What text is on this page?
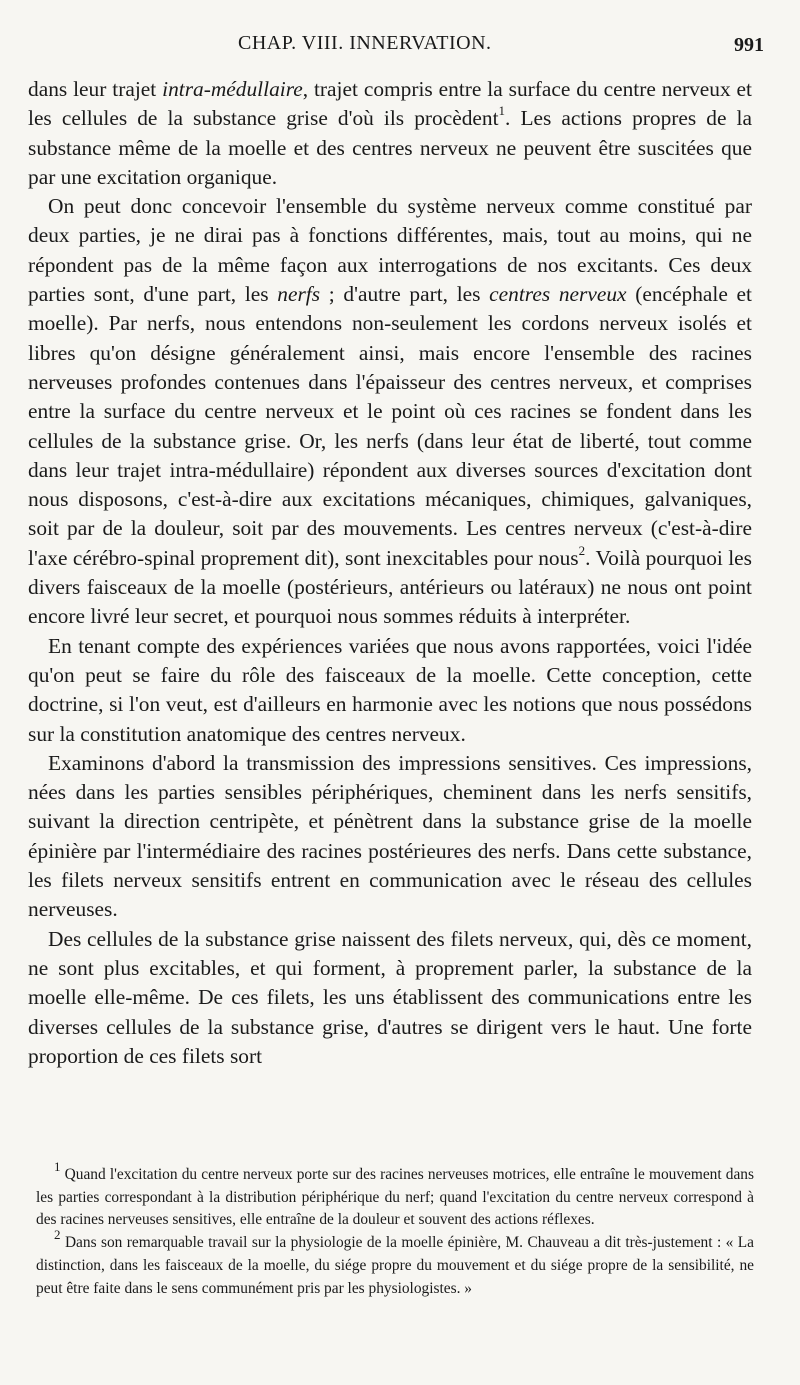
CHAP. VIII. INNERVATION.	991

dans leur trajet intra-médullaire, trajet compris entre la surface du centre nerveux et les cellules de la substance grise d'où ils procèdent$^1$. Les actions propres de la substance même de la moelle et des centres nerveux ne peuvent être suscitées que par une excitation organique.

On peut donc concevoir l'ensemble du système nerveux comme constitué par deux parties, je ne dirai pas à fonctions différentes, mais, tout au moins, qui ne répondent pas de la même façon aux interrogations de nos excitants. Ces deux parties sont, d'une part, les nerfs ; d'autre part, les centres nerveux (encéphale et moelle). Par nerfs, nous entendons non-seulement les cordons nerveux isolés et libres qu'on désigne généralement ainsi, mais encore l'ensemble des racines nerveuses profondes contenues dans l'épaisseur des centres nerveux, et comprises entre la surface du centre nerveux et le point où ces racines se fondent dans les cellules de la substance grise. Or, les nerfs (dans leur état de liberté, tout comme dans leur trajet intra-médullaire) répondent aux diverses sources d'excitation dont nous disposons, c'est-à-dire aux excitations mécaniques, chimiques, galvaniques, soit par de la douleur, soit par des mouvements. Les centres nerveux (c'est-à-dire l'axe cérébro-spinal proprement dit), sont inexcitables pour nous$^2$. Voilà pourquoi les divers faisceaux de la moelle (postérieurs, antérieurs ou latéraux) ne nous ont point encore livré leur secret, et pourquoi nous sommes réduits à interpréter.

En tenant compte des expériences variées que nous avons rapportées, voici l'idée qu'on peut se faire du rôle des faisceaux de la moelle. Cette conception, cette doctrine, si l'on veut, est d'ailleurs en harmonie avec les notions que nous possédons sur la constitution anatomique des centres nerveux.

Examinons d'abord la transmission des impressions sensitives. Ces impressions, nées dans les parties sensibles périphériques, cheminent dans les nerfs sensitifs, suivant la direction centripète, et pénètrent dans la substance grise de la moelle épinière par l'intermédiaire des racines postérieures des nerfs. Dans cette substance, les filets nerveux sensitifs entrent en communication avec le réseau des cellules nerveuses.

Des cellules de la substance grise naissent des filets nerveux, qui, dès ce moment, ne sont plus excitables, et qui forment, à proprement parler, la substance de la moelle elle-même. De ces filets, les uns établissent des communications entre les diverses cellules de la substance grise, d'autres se dirigent vers le haut. Une forte proportion de ces filets sort

$^1$ Quand l'excitation du centre nerveux porte sur des racines nerveuses motrices, elle entraîne le mouvement dans les parties correspondant à la distribution périphérique du nerf; quand l'excitation du centre nerveux correspond à des racines nerveuses sensitives, elle entraîne de la douleur et souvent des actions réflexes.

$^2$ Dans son remarquable travail sur la physiologie de la moelle épinière, M. Chauveau a dit très-justement : « La distinction, dans les faisceaux de la moelle, du siége propre du mouvement et du siége propre de la sensibilité, ne peut être faite dans le sens communément pris par les physiologistes. »
